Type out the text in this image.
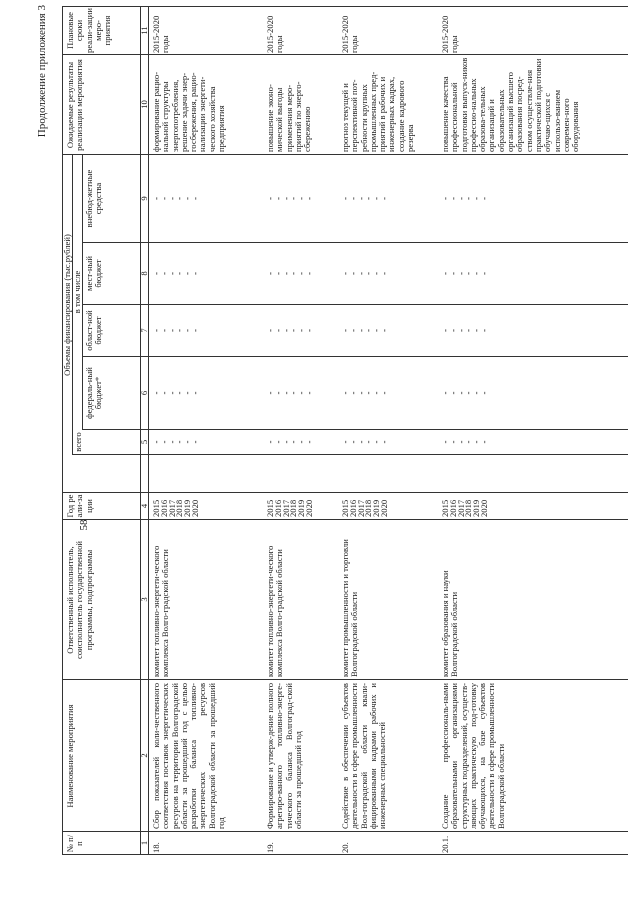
58
Продолжение приложения 3
№ п/п
Наименование мероприятия
Ответственный исполнитель, соисполнитель государственной программы, подпрограммы
Год реали-зации
Объемы финансирования (тыс.рублей)
всего
в том числе
федераль-ный бюджет*
област-ной бюджет
мест-ный бюджет
внебюд-жетные средства
Ожидаемые результаты реализации мероприятия
Плановые сроки реали-зации меро-приятия
1
2
3
4
5
6
7
8
9
10
11
18.
Сбор показателей коли-чественного соответствия поставок энергетических ресурсов на территории Волгоградской области за прошедший год с целью разработки баланса топливно-энергетических ресурсов Волгоградской области за прошедший год
комитет топливно-энергети-ческого комплекса Волго-градской области
2015
2016
2017
2018
2019
2020
-
-
-
-
-
-
-
-
-
-
-
-
-
-
-
-
-
-
-
-
-
-
-
-
-
-
-
-
-
-
формирование рацио-нальной структуры энергопотребления, решение задачи энер-госбережения, рацио-нализации энергети-ческого хозяйства предприятия
2015-2020 годы
19.
Формирование и утверж-дение полного агрегиро-ванного топливно-энерге-тического баланса Волгоград-ской области за прошедший год
комитет топливно-энергети-ческого комплекса Волго-градской области
2015
2016
2017
2018
2019
2020
-
-
-
-
-
-
-
-
-
-
-
-
-
-
-
-
-
-
-
-
-
-
-
-
-
-
-
-
-
-
повышение эконо-мической выгоды применения меро-приятий по энерго-сбережению
2015-2020 годы
20.
Содействие в обеспечении субъектов деятельности в сфере промышленности Вол-гоградской области квали-фицированными кадрами рабочих и инженерных специальностей
комитет промышленности и торговли Волгоградской области
2015
2016
2017
2018
2019
2020
-
-
-
-
-
-
-
-
-
-
-
-
-
-
-
-
-
-
-
-
-
-
-
-
-
-
-
-
-
-
прогноз текущей и перспективной пот-ребности крупных промышленных пред-приятий в рабочих и инженерных кадрах, создание кадрового резерва
2015-2020 годы
20.1.
Создание профессиональ-ными образовательными организациями структурных подразделений, осуществ-ляющих практическую под-готовку обучающихся, на базе субъектов деятельности в сфере промышленности Волгоградской области
комитет образования и науки Волгоградской области
2015
2016
2017
2018
2019
2020
-
-
-
-
-
-
-
-
-
-
-
-
-
-
-
-
-
-
-
-
-
-
-
-
-
-
-
-
-
-
повышение качества профессиональной подготовки выпуск-ников профессио-нальных образова-тельных организаций и образовательных организаций высшего образования посред-ством осуществле-ния практической подготовки обучаю-щихся с использо-ванием современ-ного оборудования
2015-2020 годы
